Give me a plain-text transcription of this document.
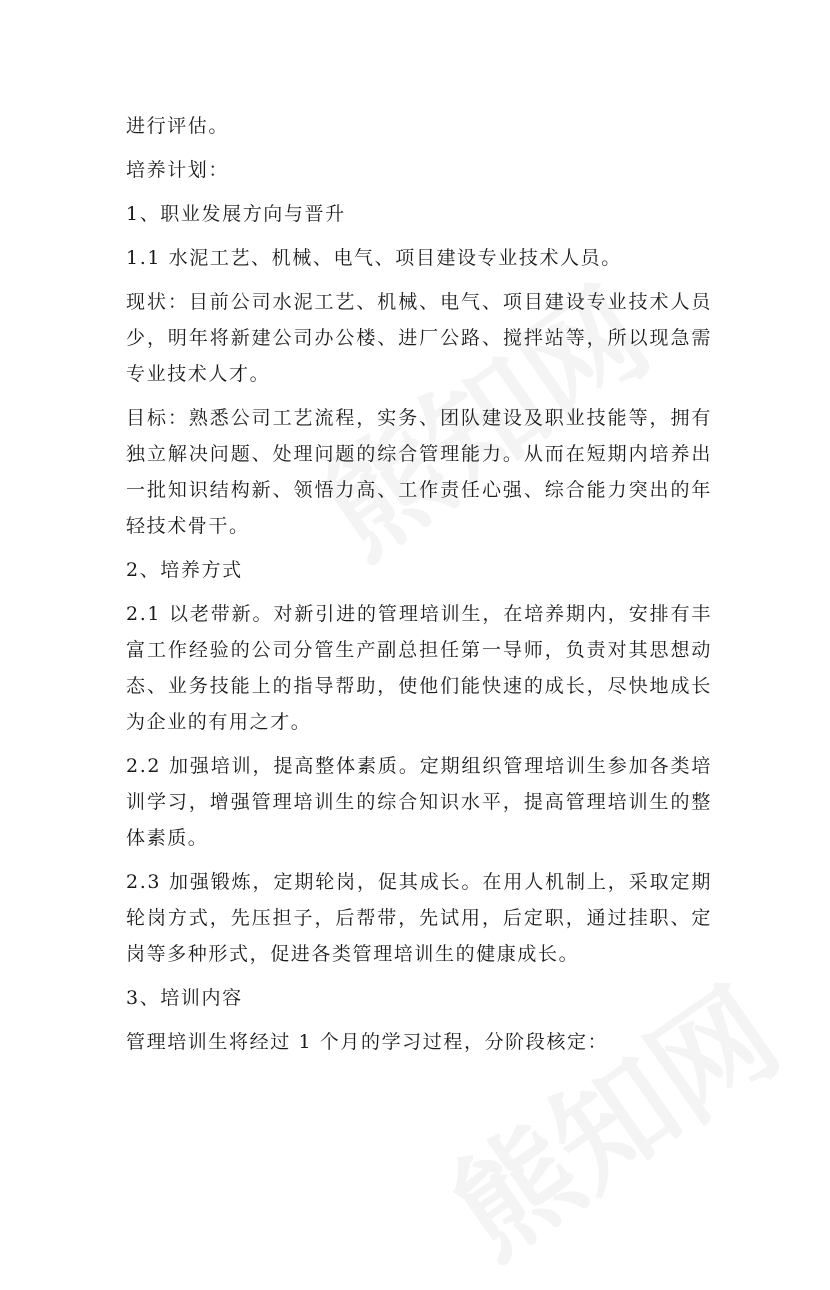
进行评估。

培养计划：

1、职业发展方向与晋升

1.1 水泥工艺、机械、电气、项目建设专业技术人员。

现状：目前公司水泥工艺、机械、电气、项目建设专业技术人员少，明年将新建公司办公楼、进厂公路、搅拌站等，所以现急需专业技术人才。

目标：熟悉公司工艺流程，实务、团队建设及职业技能等，拥有独立解决问题、处理问题的综合管理能力。从而在短期内培养出一批知识结构新、领悟力高、工作责任心强、综合能力突出的年轻技术骨干。

2、培养方式

2.1 以老带新。对新引进的管理培训生，在培养期内，安排有丰富工作经验的公司分管生产副总担任第一导师，负责对其思想动态、业务技能上的指导帮助，使他们能快速的成长，尽快地成长为企业的有用之才。

2.2 加强培训，提高整体素质。定期组织管理培训生参加各类培训学习，增强管理培训生的综合知识水平，提高管理培训生的整体素质。

2.3 加强锻炼，定期轮岗，促其成长。在用人机制上，采取定期轮岗方式，先压担子，后帮带，先试用，后定职，通过挂职、定岗等多种形式，促进各类管理培训生的健康成长。

3、培训内容

管理培训生将经过 1 个月的学习过程，分阶段核定：
